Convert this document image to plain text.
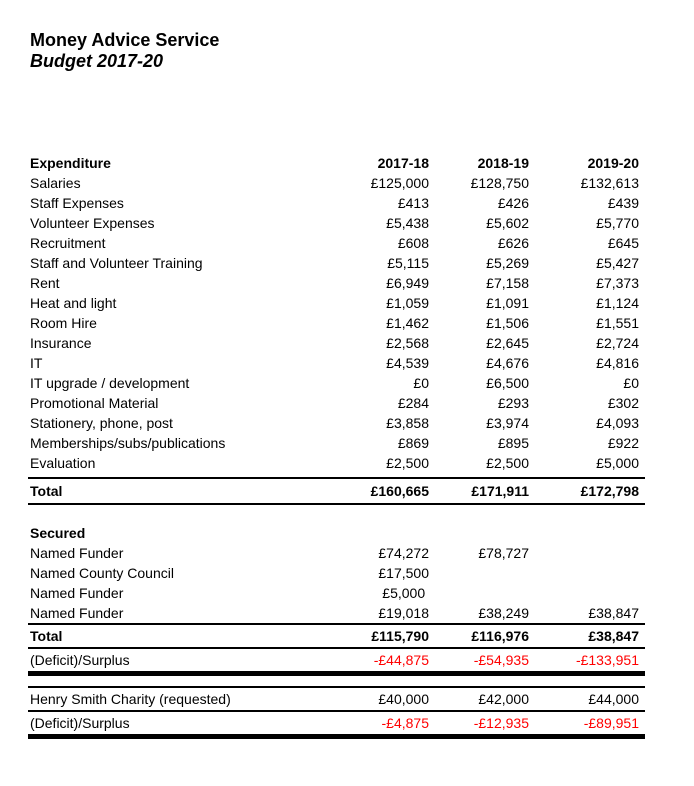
Money Advice Service
Budget 2017-20
Expenditure	2017-18	2018-19	2019-20
Salaries	£125,000	£128,750	£132,613
Staff Expenses	£413	£426	£439
Volunteer Expenses	£5,438	£5,602	£5,770
Recruitment	£608	£626	£645
Staff and Volunteer Training	£5,115	£5,269	£5,427
Rent	£6,949	£7,158	£7,373
Heat and light	£1,059	£1,091	£1,124
Room Hire	£1,462	£1,506	£1,551
Insurance	£2,568	£2,645	£2,724
IT	£4,539	£4,676	£4,816
IT upgrade / development	£0	£6,500	£0
Promotional Material	£284	£293	£302
Stationery, phone, post	£3,858	£3,974	£4,093
Memberships/subs/publications	£869	£895	£922
Evaluation	£2,500	£2,500	£5,000
Total	£160,665	£171,911	£172,798
Secured
Named Funder	£74,272	£78,727
Named County Council	£17,500
Named Funder	£5,000
Named Funder	£19,018	£38,249	£38,847
Total	£115,790	£116,976	£38,847
(Deficit)/Surplus	-£44,875	-£54,935	-£133,951
Henry Smith Charity (requested)	£40,000	£42,000	£44,000
(Deficit)/Surplus	-£4,875	-£12,935	-£89,951
